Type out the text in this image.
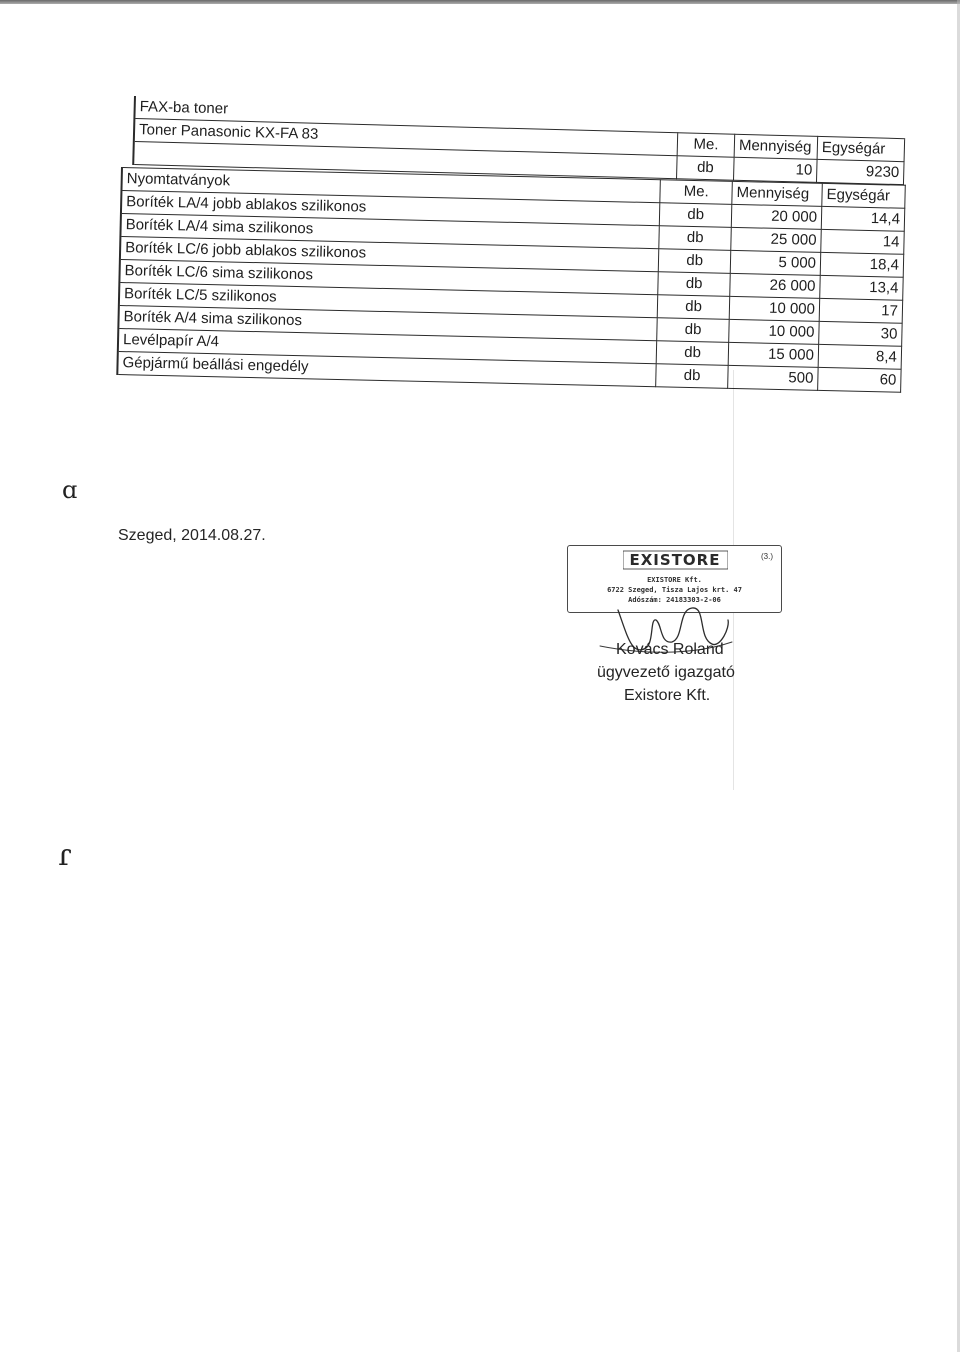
FAX-ba toner			
Toner Panasonic KX-FA 83	Me.	Mennyiség	Egységár
	db	10	9230
Nyomtatványok	Me.	Mennyiség	Egységár
Boríték LA/4 jobb ablakos szilikonos	db	20 000	14,4
Boríték LA/4 sima szilikonos	db	25 000	14
Boríték LC/6 jobb ablakos szilikonos	db	5 000	18,4
Boríték LC/6 sima szilikonos	db	26 000	13,4
Boríték LC/5 szilikonos	db	10 000	17
Boríték A/4 sima szilikonos	db	10 000	30
Levélpapír A/4	db	15 000	8,4
Gépjármű beállási engedély	db	500	60
Szeged, 2014.08.27.
ɑ
ɾ
EXISTORE	(3.)
EXISTORE Kft.
6722 Szeged, Tisza Lajos krt. 47
Adószám: 24183303-2-06
Kovács Roland
ügyvezető igazgató
Existore Kft.
